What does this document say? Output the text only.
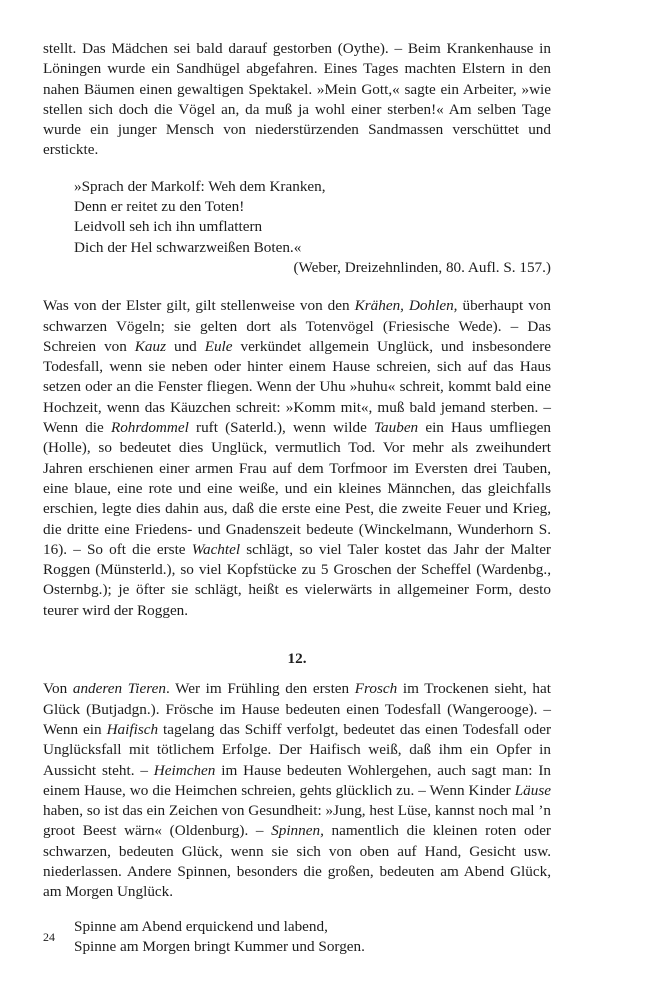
stellt. Das Mädchen sei bald darauf gestorben (Oythe). – Beim Krankenhause in Löningen wurde ein Sandhügel abgefahren. Eines Tages machten Elstern in den nahen Bäumen einen gewaltigen Spektakel. »Mein Gott,« sagte ein Arbeiter, »wie stellen sich doch die Vögel an, da muß ja wohl einer sterben!« Am selben Tage wurde ein junger Mensch von niederstürzenden Sandmassen verschüttet und erstickte.

»Sprach der Markolf: Weh dem Kranken,

Denn er reitet zu den Toten!

Leidvoll seh ich ihn umflattern

Dich der Hel schwarzweißen Boten.«

(Weber, Dreizehnlinden, 80. Aufl. S. 157.)

Was von der Elster gilt, gilt stellenweise von den Krähen, Dohlen, überhaupt von schwarzen Vögeln; sie gelten dort als Totenvögel (Friesische Wede). – Das Schreien von Kauz und Eule verkündet allgemein Unglück, und insbesondere Todesfall, wenn sie neben oder hinter einem Hause schreien, sich auf das Haus setzen oder an die Fenster fliegen. Wenn der Uhu »huhu« schreit, kommt bald eine Hochzeit, wenn das Käuzchen schreit: »Komm mit«, muß bald jemand sterben. – Wenn die Rohrdommel ruft (Saterld.), wenn wilde Tauben ein Haus umfliegen (Holle), so bedeutet dies Unglück, vermutlich Tod. Vor mehr als zweihundert Jahren erschienen einer armen Frau auf dem Torfmoor im Eversten drei Tauben, eine blaue, eine rote und eine weiße, und ein kleines Männchen, das gleichfalls erschien, legte dies dahin aus, daß die erste eine Pest, die zweite Feuer und Krieg, die dritte eine Friedens- und Gnadenszeit bedeute (Winckelmann, Wunderhorn S. 16). – So oft die erste Wachtel schlägt, so viel Taler kostet das Jahr der Malter Roggen (Münsterld.), so viel Kopfstücke zu 5 Groschen der Scheffel (Wardenbg., Osternbg.); je öfter sie schlägt, heißt es vielerwärts in allgemeiner Form, desto teurer wird der Roggen.

12.

Von anderen Tieren. Wer im Frühling den ersten Frosch im Trockenen sieht, hat Glück (Butjadgn.). Frösche im Hause bedeuten einen Todesfall (Wangerooge). – Wenn ein Haifisch tagelang das Schiff verfolgt, bedeutet das einen Todesfall oder Unglücksfall mit tötlichem Erfolge. Der Haifisch weiß, daß ihm ein Opfer in Aussicht steht. – Heimchen im Hause bedeuten Wohlergehen, auch sagt man: In einem Hause, wo die Heimchen schreien, gehts glücklich zu. – Wenn Kinder Läuse haben, so ist das ein Zeichen von Gesundheit: »Jung, hest Lüse, kannst noch mal ’n groot Beest wärn« (Oldenburg). – Spinnen, namentlich die kleinen roten oder schwarzen, bedeuten Glück, wenn sie sich von oben auf Hand, Gesicht usw. niederlassen. Andere Spinnen, besonders die großen, bedeuten am Abend Glück, am Morgen Unglück.

Spinne am Abend erquickend und labend,

Spinne am Morgen bringt Kummer und Sorgen.

24
